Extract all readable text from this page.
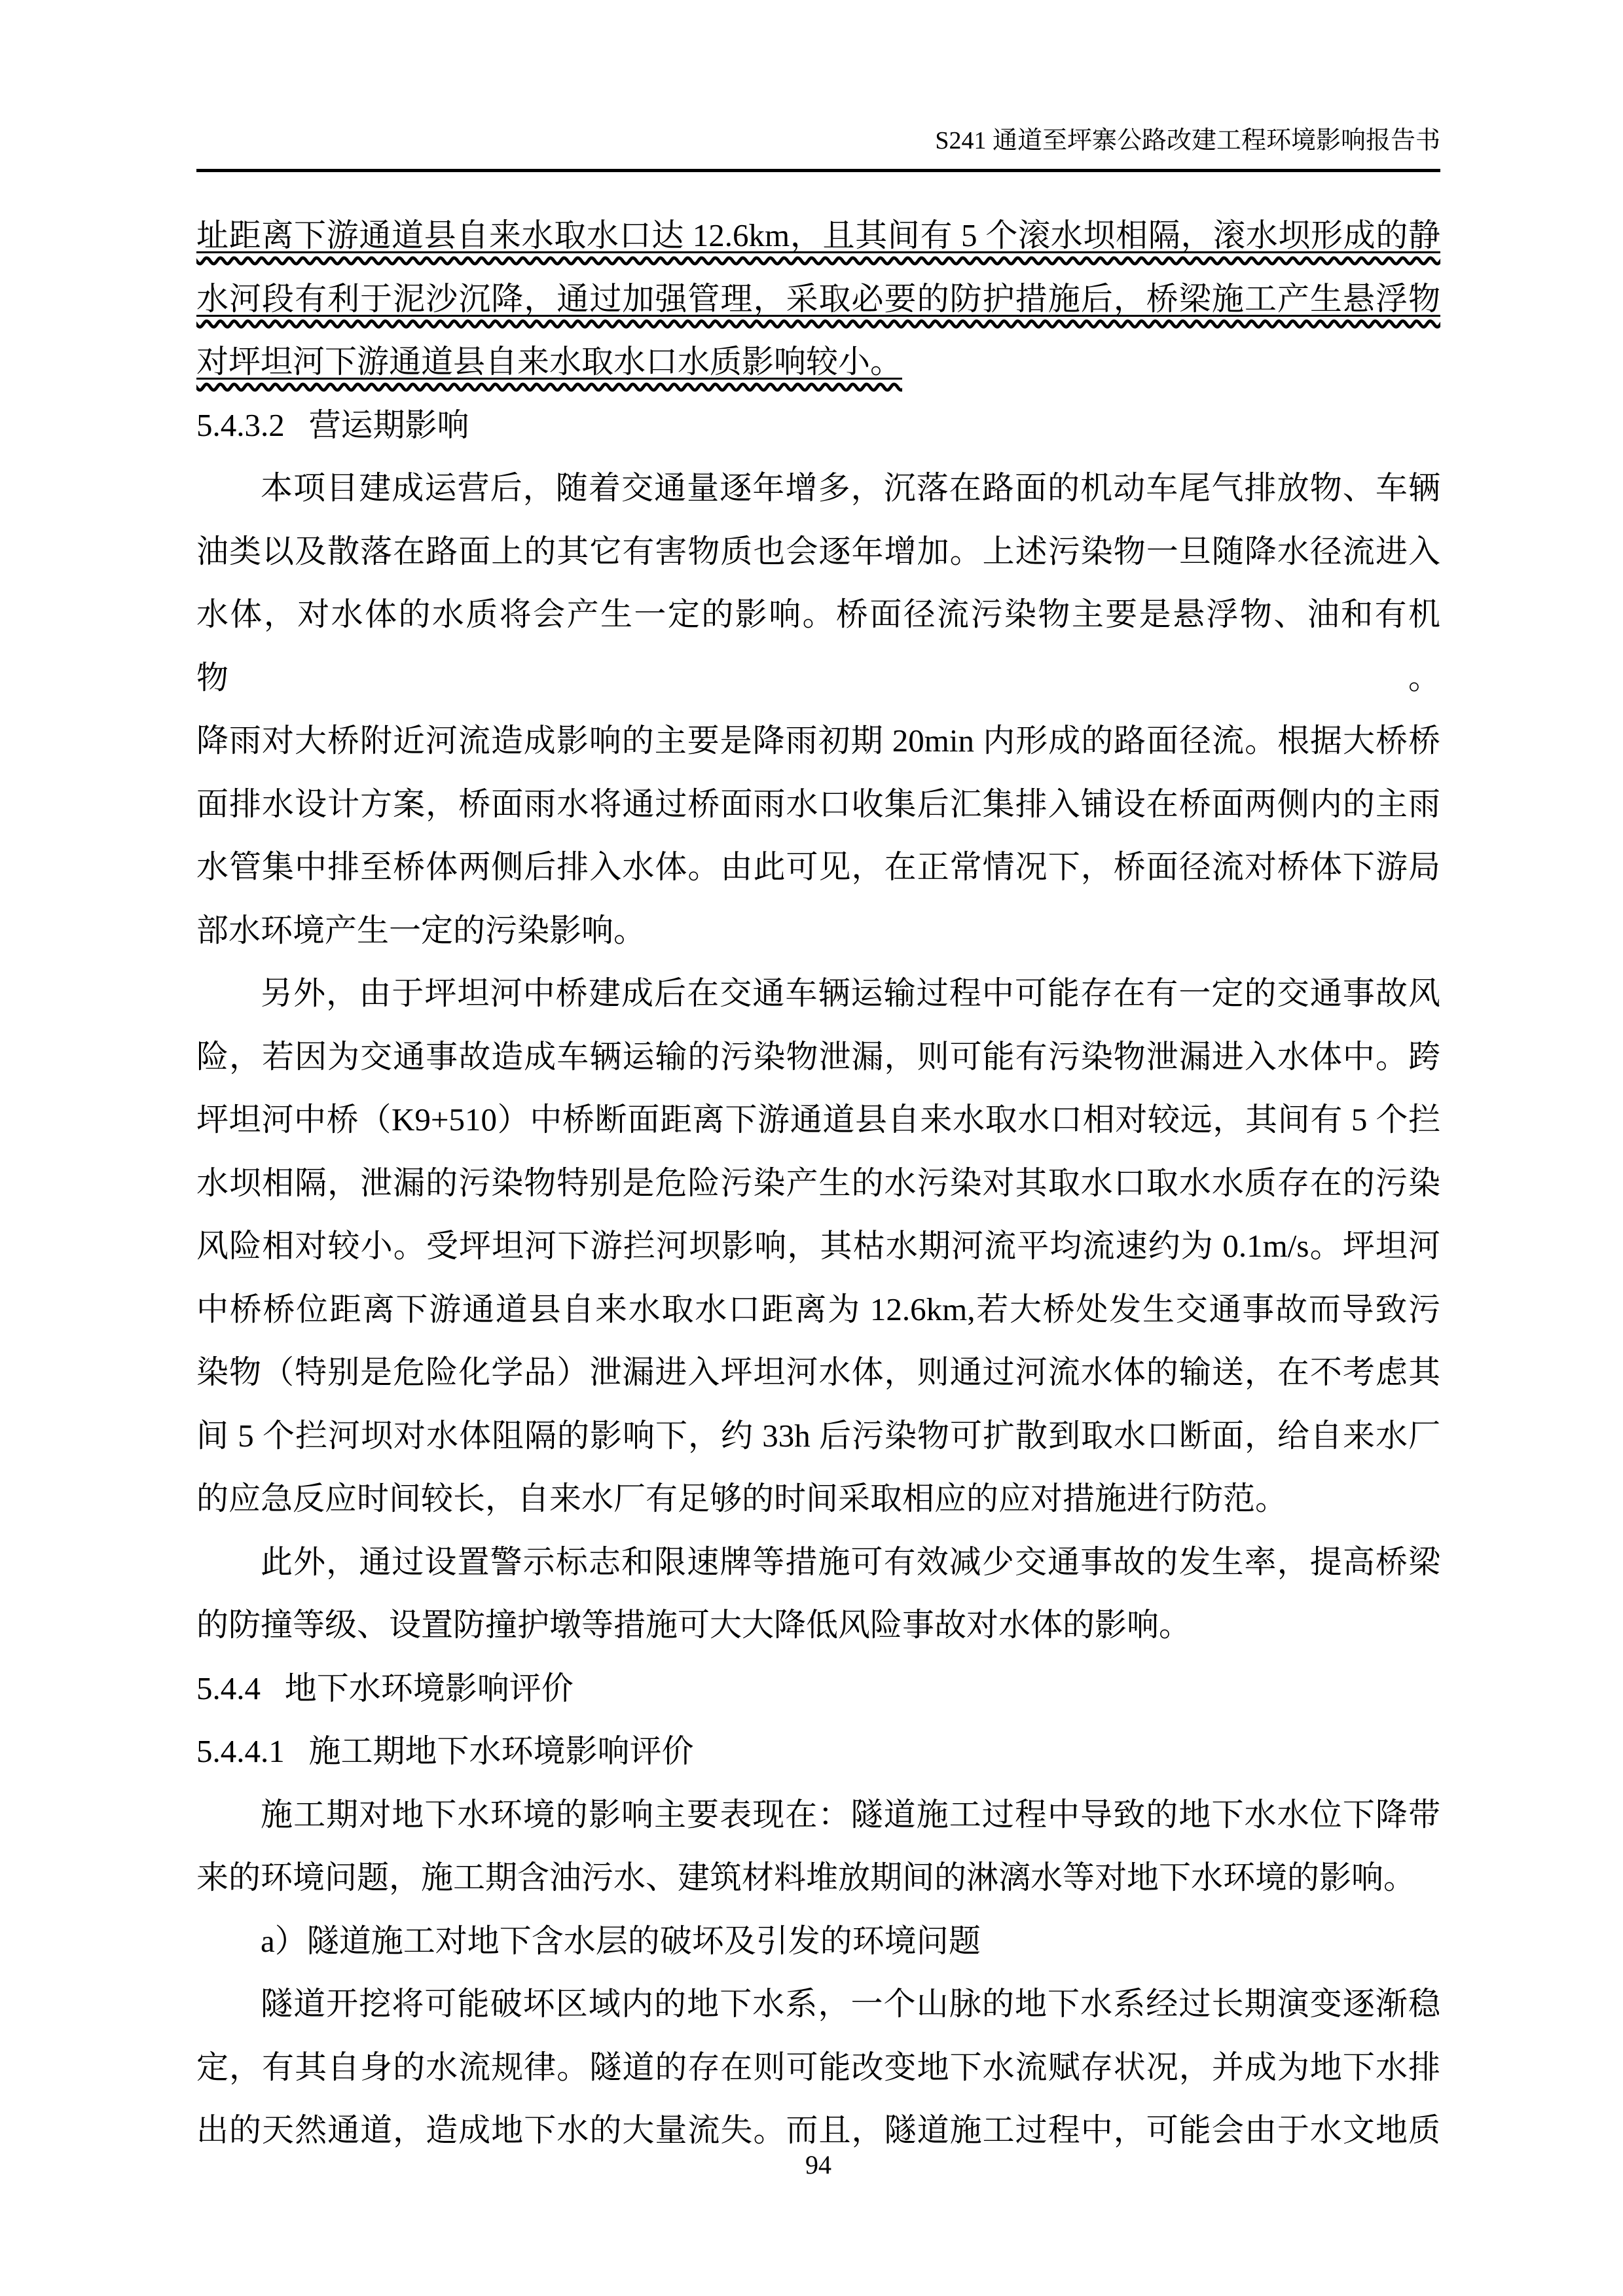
S241 通道至坪寨公路改建工程环境影响报告书
址距离下游通道县自来水取水口达 12.6km，且其间有 5 个滚水坝相隔，滚水坝形成的静
水河段有利于泥沙沉降，通过加强管理，采取必要的防护措施后，桥梁施工产生悬浮物
对坪坦河下游通道县自来水取水口水质影响较小。
5.4.3.2   营运期影响
本项目建成运营后，随着交通量逐年增多，沉落在路面的机动车尾气排放物、车辆
油类以及散落在路面上的其它有害物质也会逐年增加。上述污染物一旦随降水径流进入
水体，对水体的水质将会产生一定的影响。桥面径流污染物主要是悬浮物、油和有机物。
降雨对大桥附近河流造成影响的主要是降雨初期 20min 内形成的路面径流。根据大桥桥
面排水设计方案，桥面雨水将通过桥面雨水口收集后汇集排入铺设在桥面两侧内的主雨
水管集中排至桥体两侧后排入水体。由此可见，在正常情况下，桥面径流对桥体下游局
部水环境产生一定的污染影响。
另外，由于坪坦河中桥建成后在交通车辆运输过程中可能存在有一定的交通事故风
险，若因为交通事故造成车辆运输的污染物泄漏，则可能有污染物泄漏进入水体中。跨
坪坦河中桥（K9+510）中桥断面距离下游通道县自来水取水口相对较远，其间有 5 个拦
水坝相隔，泄漏的污染物特别是危险污染产生的水污染对其取水口取水水质存在的污染
风险相对较小。受坪坦河下游拦河坝影响，其枯水期河流平均流速约为 0.1m/s。坪坦河
中桥桥位距离下游通道县自来水取水口距离为 12.6km,若大桥处发生交通事故而导致污
染物（特别是危险化学品）泄漏进入坪坦河水体，则通过河流水体的输送，在不考虑其
间 5 个拦河坝对水体阻隔的影响下，约 33h 后污染物可扩散到取水口断面，给自来水厂
的应急反应时间较长，自来水厂有足够的时间采取相应的应对措施进行防范。
此外，通过设置警示标志和限速牌等措施可有效减少交通事故的发生率，提高桥梁
的防撞等级、设置防撞护墩等措施可大大降低风险事故对水体的影响。
5.4.4   地下水环境影响评价
5.4.4.1   施工期地下水环境影响评价
施工期对地下水环境的影响主要表现在：隧道施工过程中导致的地下水水位下降带
来的环境问题，施工期含油污水、建筑材料堆放期间的淋漓水等对地下水环境的影响。
a）隧道施工对地下含水层的破坏及引发的环境问题
隧道开挖将可能破坏区域内的地下水系，一个山脉的地下水系经过长期演变逐渐稳
定，有其自身的水流规律。隧道的存在则可能改变地下水流赋存状况，并成为地下水排
出的天然通道，造成地下水的大量流失。而且，隧道施工过程中，可能会由于水文地质
94
